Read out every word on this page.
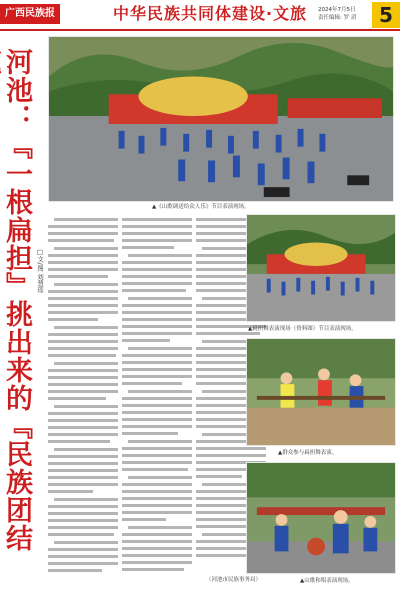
广西民族报	中华民族共同体建设·文旅	2024年7月5日
责任编辑: 罗 滔	5
河池：『一根扁担』挑出来的『民族团结
□文/图 刘慧瑶
▲《山歌调送给众人乐》节目表演现场。
（河池市民族事务局）
▲扁担舞表演现场（资料图）节目表演现场。
▲群众参与扁担舞表演。
▲山歌和唱表演现场。
